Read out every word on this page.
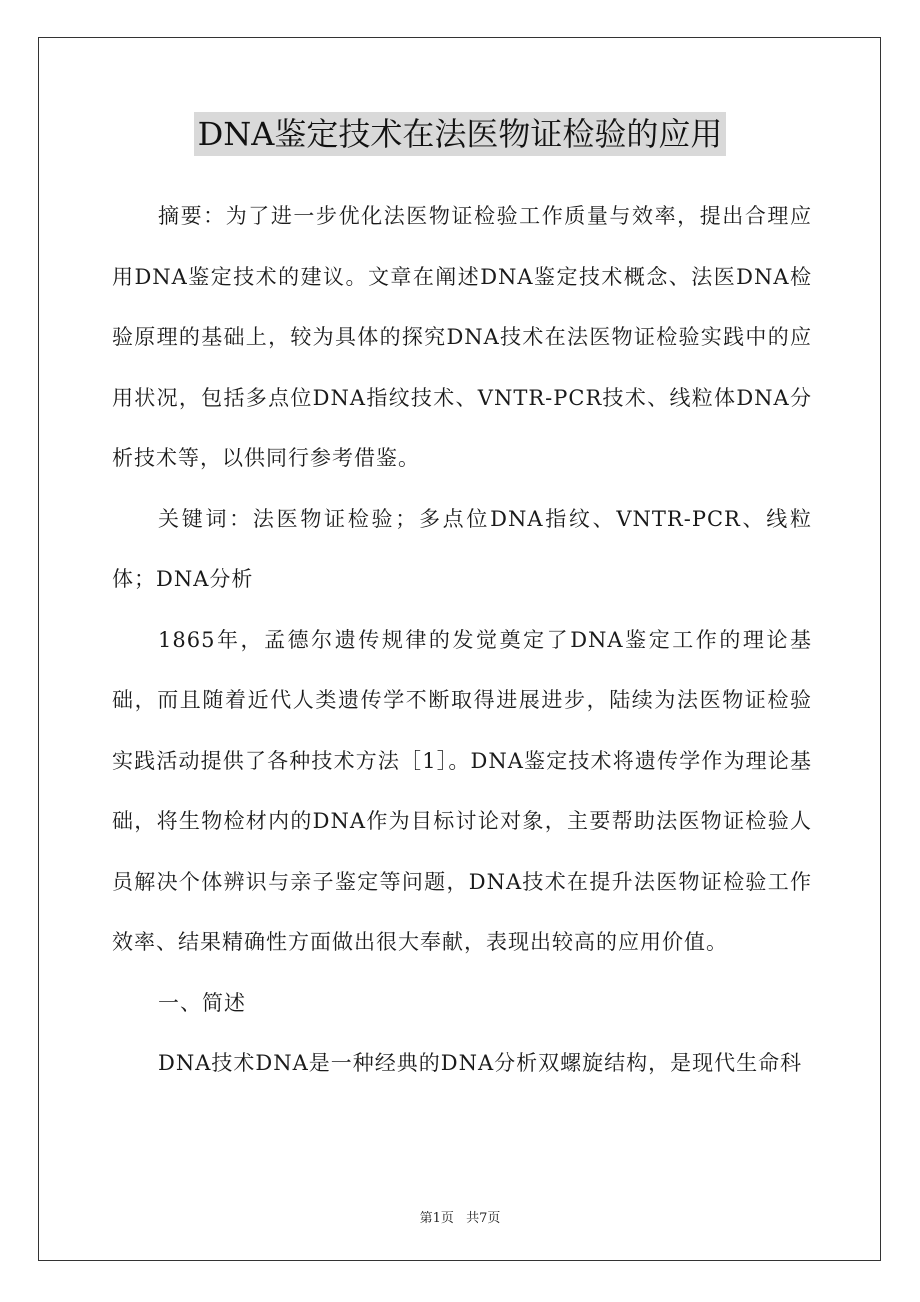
DNA鉴定技术在法医物证检验的应用

摘要：为了进一步优化法医物证检验工作质量与效率，提出合理应用DNA鉴定技术的建议。文章在阐述DNA鉴定技术概念、法医DNA检验原理的基础上，较为具体的探究DNA技术在法医物证检验实践中的应用状况，包括多点位DNA指纹技术、VNTR-PCR技术、线粒体DNA分析技术等，以供同行参考借鉴。

关键词：法医物证检验；多点位DNA指纹、VNTR-PCR、线粒体；DNA分析

1865年，孟德尔遗传规律的发觉奠定了DNA鉴定工作的理论基础，而且随着近代人类遗传学不断取得进展进步，陆续为法医物证检验实践活动提供了各种技术方法［1］。DNA鉴定技术将遗传学作为理论基础，将生物检材内的DNA作为目标讨论对象，主要帮助法医物证检验人员解决个体辨识与亲子鉴定等问题，DNA技术在提升法医物证检验工作效率、结果精确性方面做出很大奉献，表现出较高的应用价值。

一、简述

DNA技术DNA是一种经典的DNA分析双螺旋结构，是现代生命科

第1页 共7页
